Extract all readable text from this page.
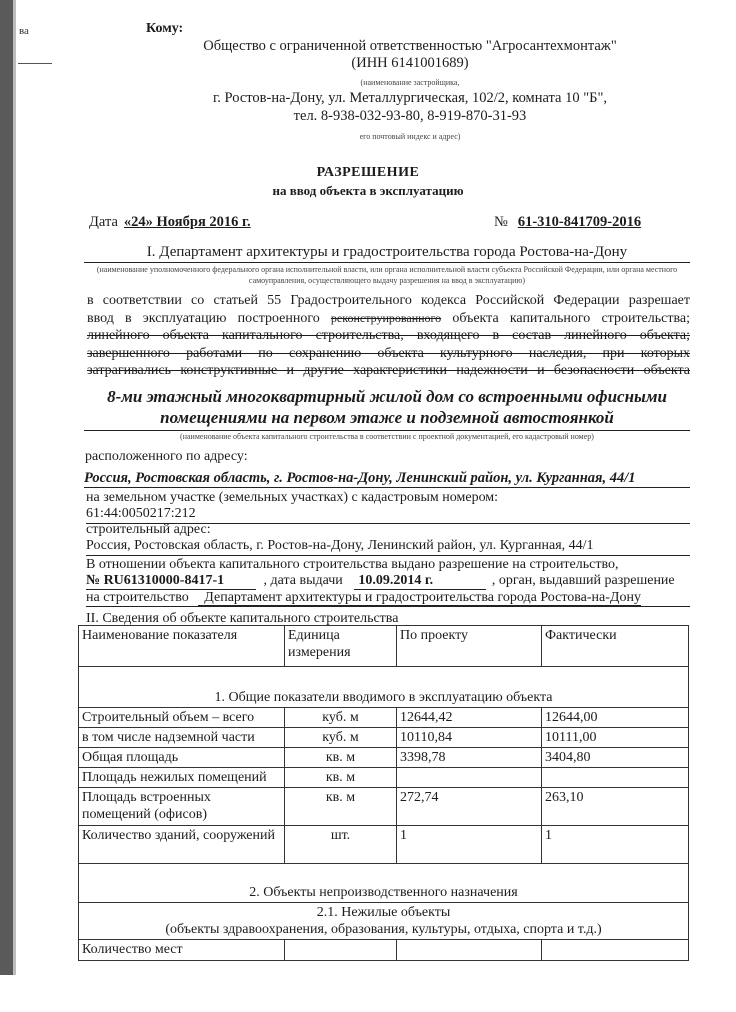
ва	Кому:
Общество с ограниченной ответственностью "Агросантехмонтаж"
(ИНН 6141001689)
(наименование застройщика,
г. Ростов-на-Дону, ул. Металлургическая, 102/2, комната 10 "Б",
тел. 8-938-032-93-80, 8-919-870-31-93
его почтовый индекс и адрес)
РАЗРЕШЕНИЕ
на ввод объекта в эксплуатацию
Дата «24» Ноября 2016 г.	№ 61-310-841709-2016
I. Департамент архитектуры и градостроительства города Ростова-на-Дону
(наименование уполномоченного федерального органа исполнительной власти, или органа исполнительной власти субъекта Российской Федерации, или органа местного самоуправления, осуществляющего выдачу разрешения на ввод в эксплуатацию)
в соответствии со статьей 55 Градостроительного кодекса Российской Федерации разрешает
ввод в эксплуатацию построенного реконструированного объекта капитального строительства;
линейного объекта капитального строительства, входящего в состав линейного объекта;
завершенного работами по сохранению объекта культурного наследия, при которых
затрагивались конструктивные и другие характеристики надежности и безопасности объекта
8-ми этажный многоквартирный жилой дом со встроенными офисными
помещениями на первом этаже и подземной автостоянкой
(наименование объекта капитального строительства в соответствии с проектной документацией, его кадастровый номер)
расположенного по адресу:
Россия, Ростовская область, г. Ростов-на-Дону, Ленинский район, ул. Курганная, 44/1
на земельном участке (земельных участках) с кадастровым номером:
61:44:0050217:212
строительный адрес:
Россия, Ростовская область, г. Ростов-на-Дону, Ленинский район, ул. Курганная, 44/1
В отношении объекта капитального строительства выдано разрешение на строительство,
№ RU61310000-8417-1	, дата выдачи 10.09.2014 г.	, орган, выдавший разрешение
на строительство Департамент архитектуры и градостроительства города Ростова-на-Дону
II. Сведения об объекте капитального строительства
Наименование показателя	Единица измерения	По проекту	Фактически
1. Общие показатели вводимого в эксплуатацию объекта			
Строительный объем – всего	куб. м	12644,42	12644,00
в том числе надземной части	куб. м	10110,84	10111,00
Общая площадь	кв. м	3398,78	3404,80
Площадь нежилых помещений	кв. м		
Площадь встроенных помещений (офисов)	кв. м	272,74	263,10
Количество зданий, сооружений	шт.	1	1
2. Объекты непроизводственного назначения			

2.1. Нежилые объекты
(объекты здравоохранения, образования, культуры, отдыха, спорта и т.д.)			

Количество мест			
